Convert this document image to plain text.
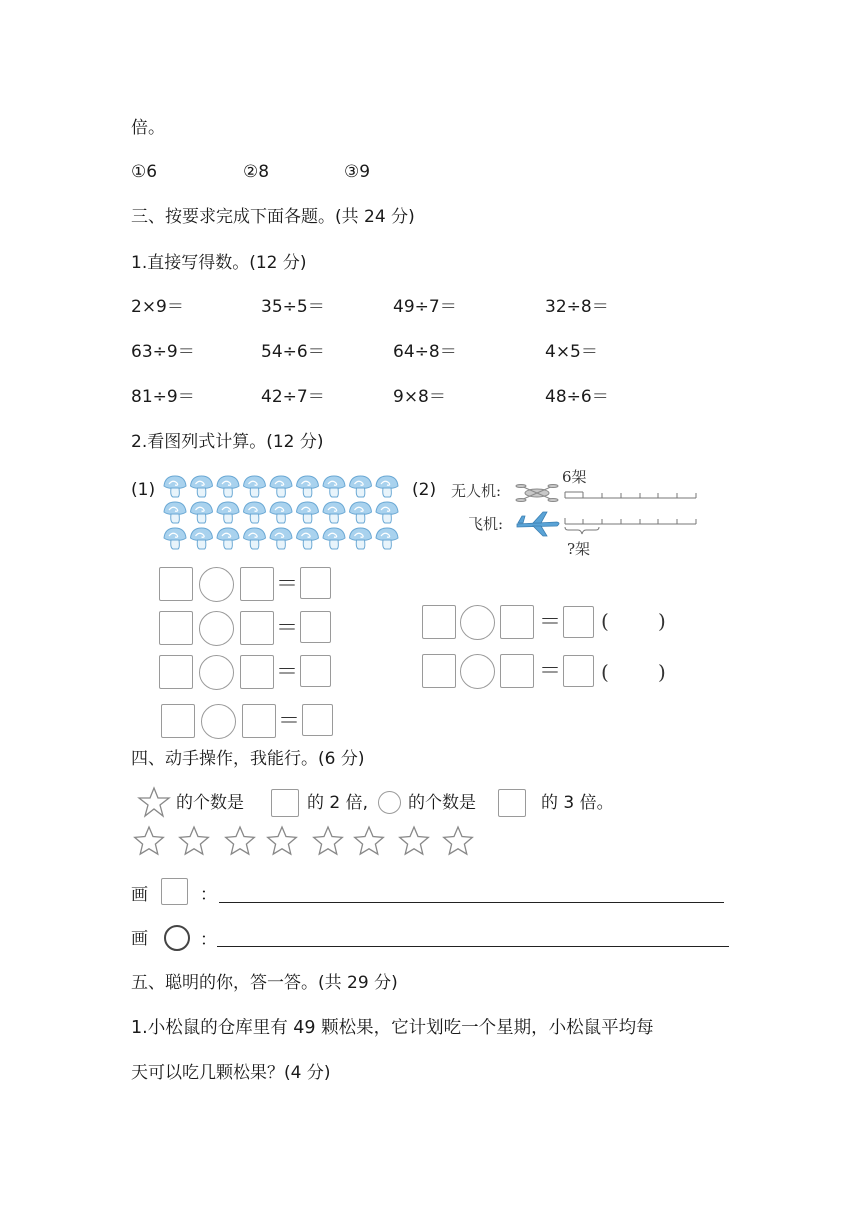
倍。
①6	②8	③9
三、按要求完成下面各题。(共 24 分)
1.直接写得数。(12 分)
2×9＝	35÷5＝	49÷7＝	32÷8＝
63÷9＝	54÷6＝	64÷8＝	4×5＝
81÷9＝	42÷7＝	9×8＝	48÷6＝
2.看图列式计算。(12 分)
(1)
＝
＝
＝
＝
(2) 无人机:
飞机:
6架
?架
＝ ( )
＝ ( )
四、动手操作，我能行。(6 分)
的个数是	的 2 倍, 的个数是	的 3 倍。
画	：
画	：
五、聪明的你，答一答。(共 29 分)
1.小松鼠的仓库里有 49 颗松果，它计划吃一个星期，小松鼠平均每
天可以吃几颗松果？(4 分)
